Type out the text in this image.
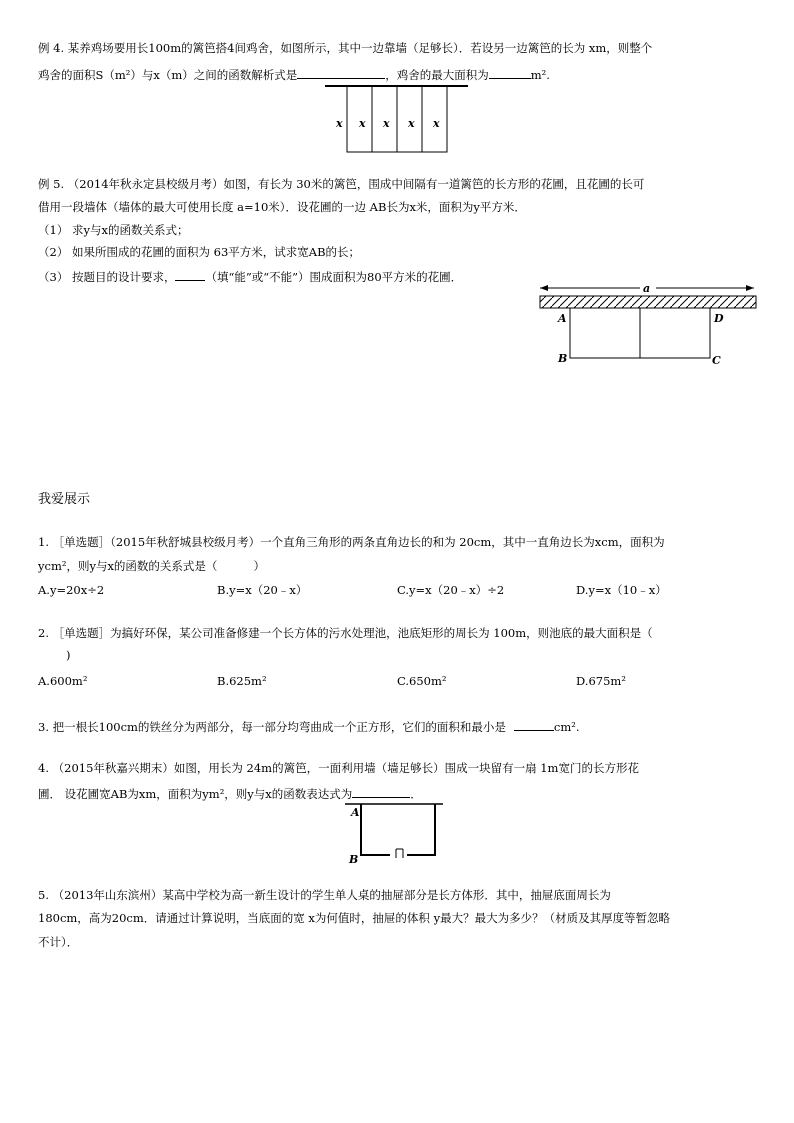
例 4. 某养鸡场要用长100m的篱笆搭4间鸡舍，如图所示，其中一边靠墙（足够长）．若设另一边篱笆的长为 xm，则整个
鸡舍的面积S（m²）与x（m）之间的函数解析式是	，鸡舍的最大面积为	m².
x x x x x
例 5. （2014年秋永定县校级月考）如图，有长为 30米的篱笆，围成中间隔有一道篱笆的长方形的花圃，且花圃的长可
借用一段墙体（墙体的最大可使用长度 a=10米）．设花圃的一边 AB长为x米，面积为y平方米．
（1） 求y与x的函数关系式；
（2） 如果所围成的花圃的面积为 63平方米，试求宽AB的长；
（3） 按题目的设计要求，	（填“能”或“不能”）围成面积为80平方米的花圃．
a
A
B	C
D
我爱展示
1. ［单选题］（2015年秋舒城县校级月考）一个直角三角形的两条直角边长的和为 20cm，其中一直角边长为xcm，面积为
ycm²，则y与x的函数的关系式是（	）
A.y=20x÷2	B.y=x（20﹣x）	C.y=x（20﹣x）÷2	D.y=x（10﹣x）
2. ［单选题］为搞好环保，某公司准备修建一个长方体的污水处理池，池底矩形的周长为 100m，则池底的最大面积是（
)
A.600m²	B.625m²	C.650m²	D.675m²
3. 把一根长100cm的铁丝分为两部分，每一部分均弯曲成一个正方形，它们的面积和最小是	cm².
4. （2015年秋嘉兴期末）如图，用长为 24m的篱笆，一面利用墙（墙足够长）围成一块留有一扇 1m宽门的长方形花
圃． 设花圃宽AB为xm，面积为ym²，则y与x的函数表达式为	．
A
B
5. （2013年山东滨州）某高中学校为高一新生设计的学生单人桌的抽屉部分是长方体形．其中，抽屉底面周长为
180cm，高为20cm．请通过计算说明，当底面的宽 x为何值时，抽屉的体积 y最大？最大为多少？（材质及其厚度等暂忽略
不计）．
